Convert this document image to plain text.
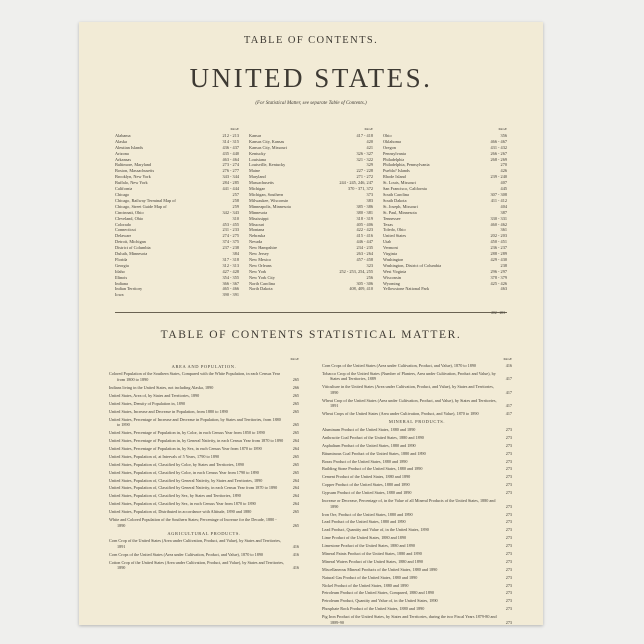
TABLE OF CONTENTS.
UNITED STATES.
(For Statistical Matter, see separate Table of Contents.)
PAGE
Alabama	212 - 213
Alaska	314 - 315
Aleutian Islands	436 - 437
Arizona	435 - 440
Arkansas	463 - 464
Baltimore, Maryland	273 - 274
Boston, Massachusetts	276 - 277
Brooklyn, New York	343 - 344
Buffalo, New York	284 - 285
California	441 - 444
Chicago	257
Chicago, Railway Terminal Map of	258
Chicago, Street Guide Map of	259
Cincinnati, Ohio	342 - 343
Cleveland, Ohio	310
Colorado	453 - 455
Connecticut	231 - 233
Delaware	274 - 275
Detroit, Michigan	374 - 375
District of Columbia	237 - 238
Duluth, Minnesota	384
Florida	317 - 318
Georgia	312 - 313
Idaho	427 - 428
Illinois	354 - 355
Indiana	366 - 367
Indian Territory	465 - 466
Iowa	390 - 391
PAGE
Kansas	417 - 418
Kansas City, Kansas	420
Kansas City, Missouri	421
Kentucky	326 - 327
Louisiana	321 - 322
Louisville, Kentucky	329
Maine	227 - 228
Maryland	271 - 272
Massachusetts	244 - 245, 246, 247
Michigan	370 - 371, 372
Michigan, Southern	373
Milwaukee, Wisconsin	383
Minneapolis, Minnesota	385 - 386
Minnesota	380 - 381
Mississippi	318 - 319
Missouri	405 - 406
Montana	422 - 423
Nebraska	415 - 416
Nevada	446 - 447
New Hampshire	234 - 235
New Jersey	263 - 264
New Mexico	457 - 458
New Orleans	323
New York	252 - 253, 254, 255
New York City	256
North Carolina	305 - 306
North Dakota	408, 409, 410
PAGE
Ohio	356
Oklahoma	466 - 467
Oregon	431 - 432
Pennsylvania	266 - 267
Philadelphia	268 - 269
Philadelphia, Pennsylvania	270
Puebla? Islands	426
Rhode Island	239 - 240
St. Louis, Missouri	407
San Francisco, California	445
South Carolina	307 - 308
South Dakota	411 - 412
St. Joseph, Missouri	404
St. Paul, Minnesota	387
Tennessee	330 - 331
Texas	460 - 462
Toledo, Ohio	361
United States	202 - 203
Utah	450 - 451
Vermont	236 - 237
Virginia	288 - 289
Washington	429 - 430
Washington, District of Columbia	238
West Virginia	296 - 297
Wisconsin	378 - 379
Wyoming	425 - 426
Yellowstone National Park	463
202 - 203
TABLE OF CONTENTS STATISTICAL MATTER.
PAGE
AREA AND POPULATION.
Colored Population of the Southern States, Compared with the White Population, in each Census Year from 1800 to 1890	265
Indians living in the United States, not including Alaska, 1890	266
United States, Area of, by States and Territories, 1890	265
United States, Density of Population in, 1890	265
United States, Increase and Decrease in Population, from 1880 to 1890	265
United States, Percentage of Increase and Decrease in Population, by States and Territories, from 1880 to 1890	265
United States, Percentage of Population in, by Color, in each Census Year from 1850 to 1890	265
United States, Percentage of Population in, by General Nativity, in each Census Year from 1870 to 1890	264
United States, Percentage of Population in, by Sex, in each Census Year from 1870 to 1890	264
United States, Population of, at Intervals of 5 Years, 1790 to 1890	265
United States, Population of, Classified by Color, by States and Territories, 1890	265
United States, Population of, Classified by Color, in each Census Year from 1790 to 1890	265
United States, Population of, Classified by General Nativity, by States and Territories, 1890	264
United States, Population of, Classified by General Nativity, in each Census Year from 1870 to 1890	264
United States, Population of, Classified by Sex, by States and Territories, 1890	264
United States, Population of, Classified by Sex, in each Census Year from 1870 to 1890	264
United States, Population of, Distributed in accordance with Altitude, 1890 and 1880	265
White and Colored Population of the Southern States; Percentage of Increase for the Decade, 1880 - 1890	265
AGRICULTURAL PRODUCTS.
Corn Crop of the United States (Area under Cultivation, Product, and Value), by States and Territories, 1891	416
Corn Crops of the United States (Area under Cultivation, Product, and Value), 1870 to 1890	416
Cotton Crop of the United States (Area under Cultivation, Product, and Value), by States and Territories, 1890	416
PAGE
Corn Crops of the United States (Area under Cultivation, Product, and Value), 1870 to 1890	416
Tobacco Crop of the United States (Number of Planters, Area under Cultivation, Product and Value), by States and Territories, 1889	417
Viticulture in the United States (Area under Cultivation, Product, and Value), by States and Territories, 1890	417
Wheat Crop of the United States (Area under Cultivation, Product, and Value), by States and Territories, 1891	417
Wheat Crops of the United States (Area under Cultivation, Product, and Value), 1870 to 1890	417
MINERAL PRODUCTS.
Aluminum Product of the United States, 1880 and 1890	273
Anthracite Coal Product of the United States, 1880 and 1890	273
Asphaltum Product of the United States, 1880 and 1890	273
Bituminous Coal Product of the United States, 1880 and 1890	273
Borax Product of the United States, 1880 and 1890	273
Building Stone Product of the United States, 1880 and 1890	273
Cement Product of the United States, 1880 and 1890	273
Copper Product of the United States, 1880 and 1890	273
Gypsum Product of the United States, 1880 and 1890	273
Increase or Decrease, Percentage of, in the Value of all Mineral Products of the United States, 1880 and 1890	273
Iron Ore, Product of the United States, 1880 and 1890	273
Lead Product of the United States, 1880 and 1890	273
Lead Product, Quantity and Value of, in the United States, 1890	273
Lime Product of the United States, 1880 and 1890	273
Limestone Product of the United States, 1880 and 1890	273
Mineral Paints Product of the United States, 1880 and 1890	273
Mineral Waters Product of the United States, 1880 and 1890	273
Miscellaneous Mineral Products of the United States, 1880 and 1890	273
Natural Gas Product of the United States, 1880 and 1890	273
Nickel Product of the United States, 1880 and 1890	273
Petroleum Product of the United States, Compared, 1880 and 1890	273
Petroleum Product, Quantity and Value of, in the United States, 1890	273
Phosphate Rock Product of the United States, 1880 and 1890	273
Pig Iron Product of the United States, by States and Territories, during the two Fiscal Years 1879-80 and 1889-90	273
